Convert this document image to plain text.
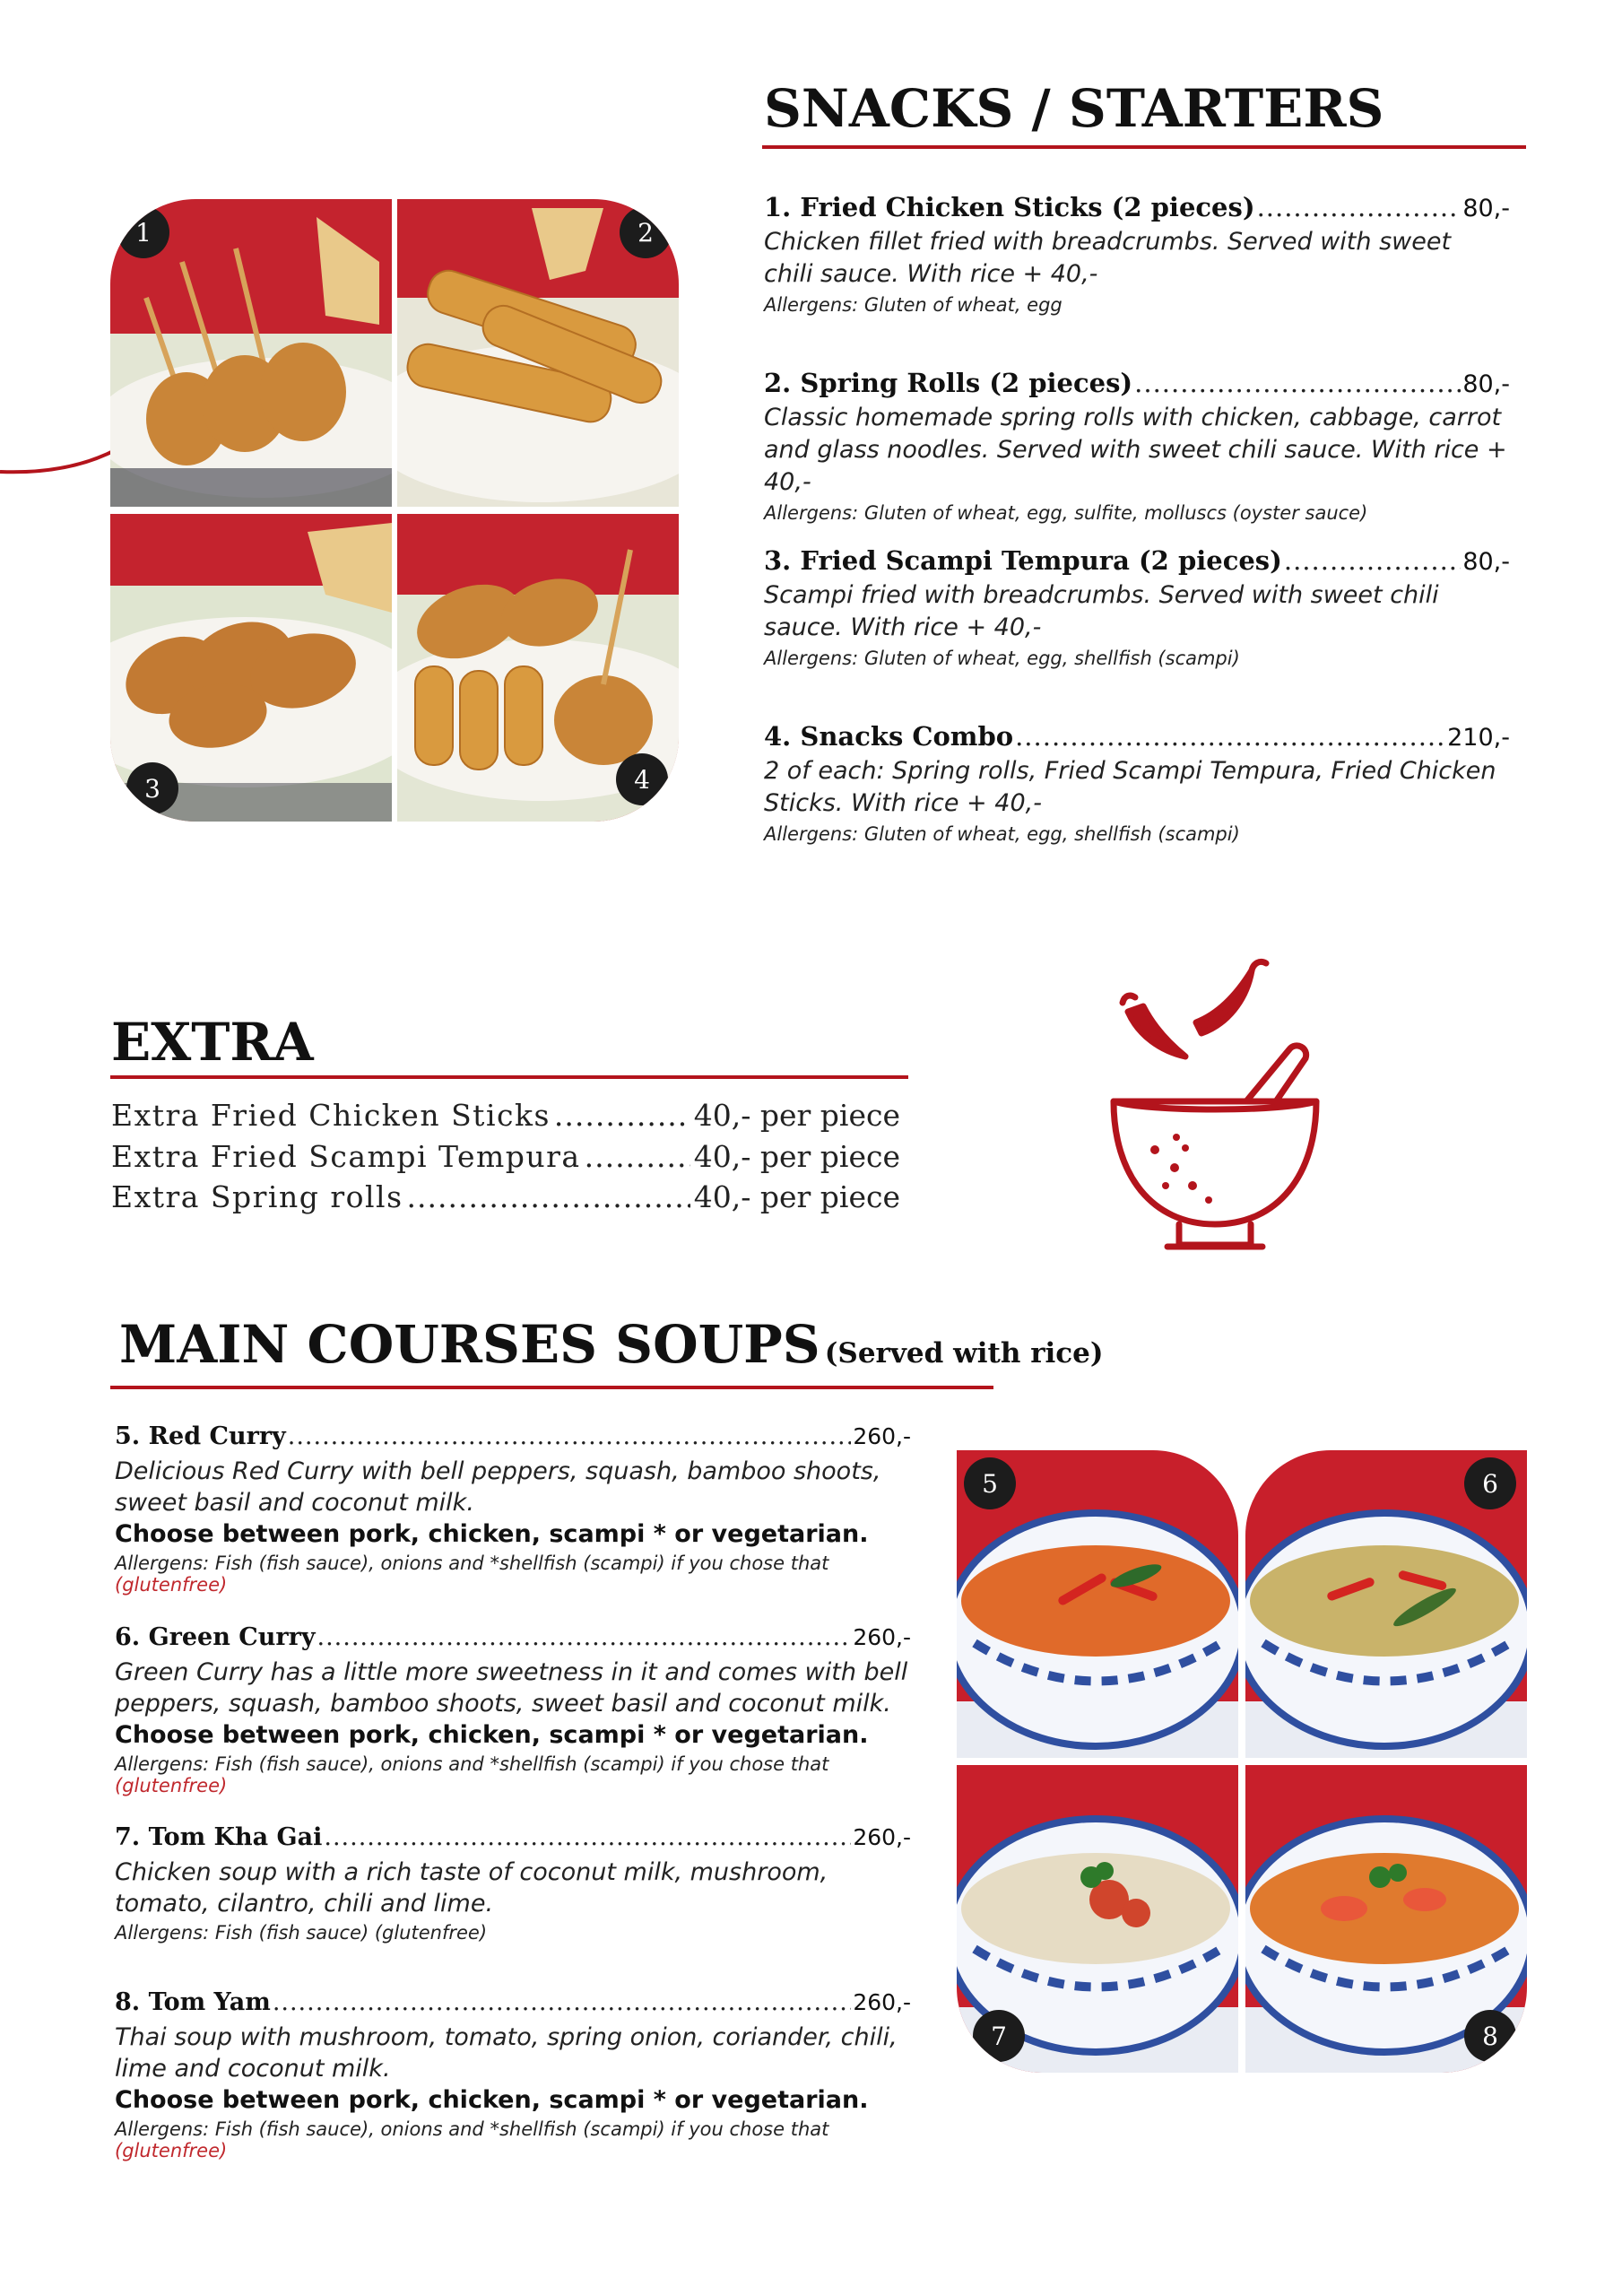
SNACKS / STARTERS
1	2
3	4
1. Fried Chicken Sticks (2 pieces) .....	80,-
Chicken fillet fried with breadcrumbs. Served with sweet chili sauce. With rice + 40,-
Allergens: Gluten of wheat, egg
2. Spring Rolls (2 pieces) .....	80,-
Classic homemade spring rolls with chicken, cabbage, carrot and glass noodles. Served with sweet chili sauce. With rice + 40,-
Allergens: Gluten of wheat, egg, sulfite, molluscs (oyster sauce)
3. Fried Scampi Tempura (2 pieces) .....	80,-
Scampi fried with breadcrumbs. Served with sweet chili sauce. With rice + 40,-
Allergens: Gluten of wheat, egg, shellfish (scampi)
4. Snacks Combo .....	210,-
2 of each: Spring rolls, Fried Scampi Tempura, Fried Chicken Sticks. With rice + 40,-
Allergens: Gluten of wheat, egg, shellfish (scampi)
EXTRA
Extra Fried Chicken Sticks .....	40,- per piece
Extra Fried Scampi Tempura .....	40,- per piece
Extra Spring rolls .....	40,- per piece
MAIN COURSES SOUPS (Served with rice)
5	6
7	8
5. Red Curry .....	260,-
Delicious Red Curry with bell peppers, squash, bamboo shoots, sweet basil and coconut milk.
Choose between pork, chicken, scampi * or vegetarian.
Allergens: Fish (fish sauce), onions and *shellfish (scampi) if you chose that (glutenfree)
6. Green Curry .....	260,-
Green Curry has a little more sweetness in it and comes with bell peppers, squash, bamboo shoots, sweet basil and coconut milk.
Choose between pork, chicken, scampi * or vegetarian.
Allergens: Fish (fish sauce), onions and *shellfish (scampi) if you chose that (glutenfree)
7. Tom Kha Gai .....	260,-
Chicken soup with a rich taste of coconut milk, mushroom, tomato, cilantro, chili and lime.
Allergens: Fish (fish sauce) (glutenfree)
8. Tom Yam .....	260,-
Thai soup with mushroom, tomato, spring onion, coriander, chili, lime and coconut milk.
Choose between pork, chicken, scampi * or vegetarian.
Allergens: Fish (fish sauce), onions and *shellfish (scampi) if you chose that (glutenfree)
